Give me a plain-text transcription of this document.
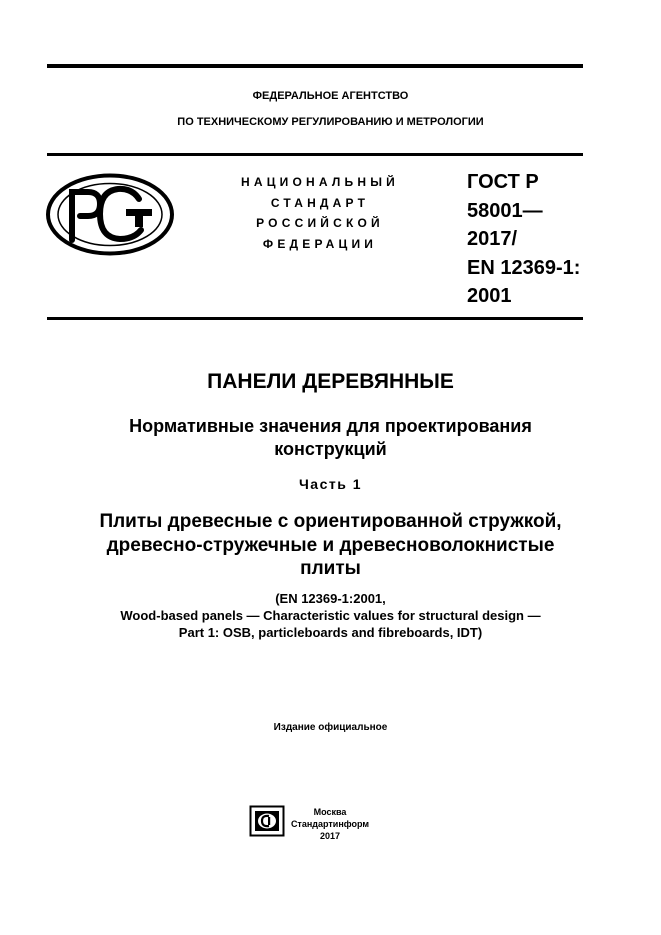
ФЕДЕРАЛЬНОЕ АГЕНТСТВО
ПО ТЕХНИЧЕСКОМУ РЕГУЛИРОВАНИЮ И МЕТРОЛОГИИ
НАЦИОНАЛЬНЫЙ
СТАНДАРТ
РОССИЙСКОЙ
ФЕДЕРАЦИИ
ГОСТ Р
58001—
2017/
EN 12369-1:
2001
ПАНЕЛИ ДЕРЕВЯННЫЕ
Нормативные значения для проектирования
конструкций
Часть 1
Плиты древесные с ориентированной стружкой,
древесно-стружечные и древесноволокнистые
плиты
(EN 12369-1:2001,
Wood-based panels — Characteristic values for structural design —
Part 1: OSB, particleboards and fibreboards, IDT)
Издание официальное
Москва
Стандартинформ
2017
